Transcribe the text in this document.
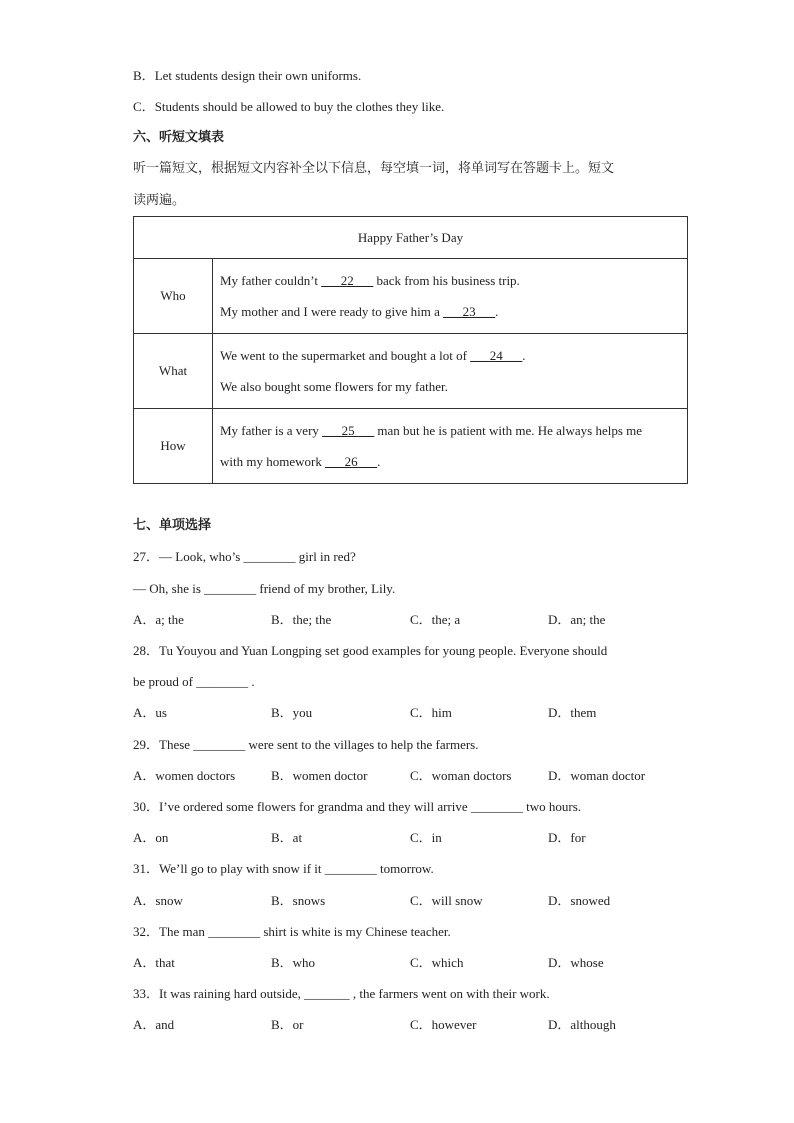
B．Let students design their own uniforms.
C．Students should be allowed to buy the clothes they like.
六、听短文填表
听一篇短文，根据短文内容补全以下信息，每空填一词，将单词写在答题卡上。短文
读两遍。
Happy Father’s Day	
Who	My father couldn’t ___22___ back from his business trip.
My mother and I were ready to give him a ___23___.

What	We went to the supermarket and bought a lot of ___24___.
We also bought some flowers for my father.

How	My father is a very ___25___ man but he is patient with me. He always helps me
with my homework ___26___.
七、单项选择
27．— Look, who’s ________ girl in red?
— Oh, she is ________ friend of my brother, Lily.
A．a; the	B．the; the	C．the; a	D．an; the
28．Tu Youyou and Yuan Longping set good examples for young people. Everyone should
be proud of ________ .
A．us	B．you	C．him	D．them
29．These ________ were sent to the villages to help the farmers.
A．women doctors	B．women doctor	C．woman doctors	D．woman doctor
30．I’ve ordered some flowers for grandma and they will arrive ________ two hours.
A．on	B．at	C．in	D．for
31．We’ll go to play with snow if it ________ tomorrow.
A．snow	B．snows	C．will snow	D．snowed
32．The man ________ shirt is white is my Chinese teacher.
A．that	B．who	C．which	D．whose
33．It was raining hard outside, _______ , the farmers went on with their work.
A．and	B．or	C．however	D．although
